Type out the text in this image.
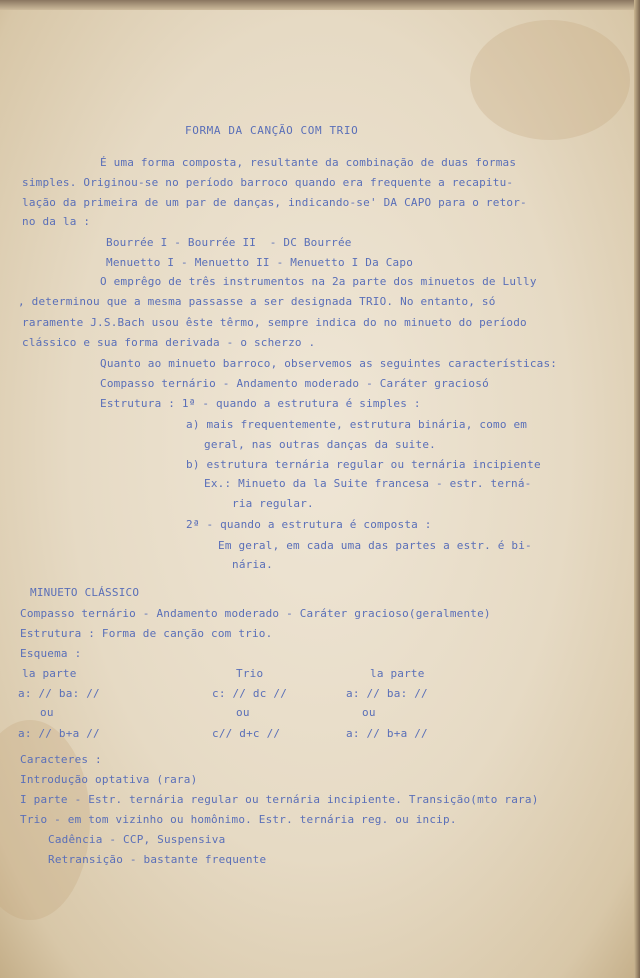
FORMA DA CANÇÃO COM TRIO
É uma forma composta, resultante da combinação de duas formas
simples. Originou-se no período barroco quando era frequente a recapitu-
lação da primeira de um par de danças, indicando-se' DA CAPO para o retor-
no da la :
Bourrée I - Bourrée II  - DC Bourrée
Menuetto I - Menuetto II - Menuetto I Da Capo
O emprêgo de três instrumentos na 2a parte dos minuetos de Lully
, determinou que a mesma passasse a ser designada TRIO. No entanto, só
raramente J.S.Bach usou êste têrmo, sempre indica do no minueto do período
clássico e sua forma derivada - o scherzo .
Quanto ao minueto barroco, observemos as seguintes características:
Compasso ternário - Andamento moderado - Caráter graciosó
Estrutura : 1ª - quando a estrutura é simples :
a) mais frequentemente, estrutura binária, como em
geral, nas outras danças da suite.
b) estrutura ternária regular ou ternária incipiente
Ex.: Minueto da la Suite francesa - estr. terná-
ria regular.
2ª - quando a estrutura é composta :
Em geral, em cada uma das partes a estr. é bi-
nária.
MINUETO CLÁSSICO
Compasso ternário - Andamento moderado - Caráter gracioso(geralmente)
Estrutura : Forma de canção com trio.
Esquema :
la parte
a: // ba: //
ou
a: // b+a //
Trio
c: // dc //
ou
c// d+c //
la parte
a: // ba: //
ou
a: // b+a //
Caracteres :
Introdução optativa (rara)
I parte - Estr. ternária regular ou ternária incipiente. Transição(mto rara)
Trio - em tom vizinho ou homônimo. Estr. ternária reg. ou incip.
Cadência - CCP, Suspensiva
Retransição - bastante frequente
